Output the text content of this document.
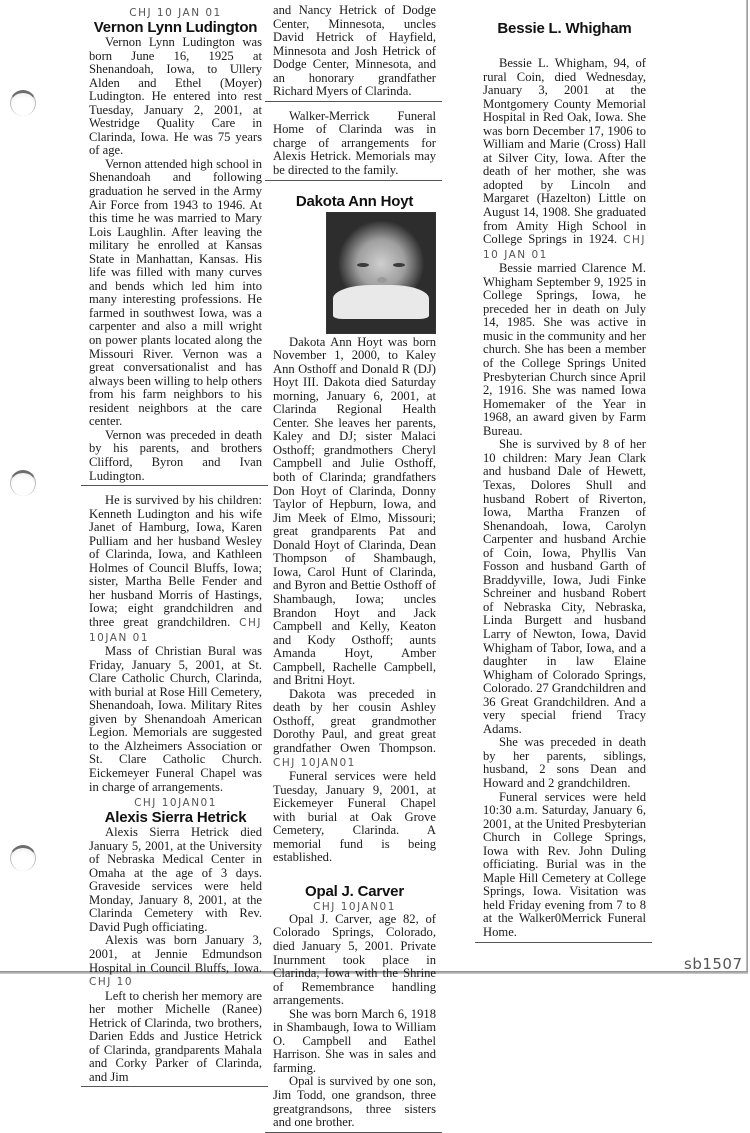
CHJ 10 JAN 01
Vernon Lynn Ludington

Vernon Lynn Ludington was born June 16, 1925 at Shenandoah, Iowa, to Ullery Alden and Ethel (Moyer) Ludington. He entered into rest Tuesday, January 2, 2001, at Westridge Quality Care in Clarinda, Iowa. He was 75 years of age.

Vernon attended high school in Shenandoah and following graduation he served in the Army Air Force from 1943 to 1946. At this time he was married to Mary Lois Laughlin. After leaving the military he enrolled at Kansas State in Manhattan, Kansas. His life was filled with many curves and bends which led him into many interesting professions. He farmed in southwest Iowa, was a carpenter and also a mill wright on power plants located along the Missouri River. Vernon was a great conversationalist and has always been willing to help others from his farm neighbors to his resident neighbors at the care center.

Vernon was preceded in death by his parents, and brothers Clifford, Byron and Ivan Ludington.

He is survived by his children: Kenneth Ludington and his wife Janet of Hamburg, Iowa, Karen Pulliam and her husband Wesley of Clarinda, Iowa, and Kathleen Holmes of Council Bluffs, Iowa; sister, Martha Belle Fender and her husband Morris of Hastings, Iowa; eight grandchildren and three great grandchildren. CHJ 10JAN 01

Mass of Christian Bural was Friday, January 5, 2001, at St. Clare Catholic Church, Clarinda, with burial at Rose Hill Cemetery, Shenandoah, Iowa. Military Rites given by Shenandoah American Legion. Memorials are suggested to the Alzheimers Association or St. Clare Catholic Church. Eickemeyer Funeral Chapel was in charge of arrangements.

CHJ 10JAN01
Alexis Sierra Hetrick

Alexis Sierra Hetrick died January 5, 2001, at the University of Nebraska Medical Center in Omaha at the age of 3 days. Graveside services were held Monday, January 8, 2001, at the Clarinda Cemetery with Rev. David Pugh officiating.

Alexis was born January 3, 2001, at Jennie Edmundson Hospital in Council Bluffs, Iowa. CHJ 10

Left to cherish her memory are her mother Michelle (Ranee) Hetrick of Clarinda, two brothers, Darien Edds and Justice Hetrick of Clarinda, grandparents Mahala and Corky Parker of Clarinda, and Jim

and Nancy Hetrick of Dodge Center, Minnesota, uncles David Hetrick of Hayfield, Minnesota and Josh Hetrick of Dodge Center, Minnesota, and an honorary grandfather Richard Myers of Clarinda.

Walker-Merrick Funeral Home of Clarinda was in charge of arrangements for Alexis Hetrick. Memorials may be directed to the family.

Dakota Ann Hoyt

Dakota Ann Hoyt was born November 1, 2000, to Kaley Ann Osthoff and Donald R (DJ) Hoyt III. Dakota died Saturday morning, January 6, 2001, at Clarinda Regional Health Center. She leaves her parents, Kaley and DJ; sister Malaci Osthoff; grandmothers Cheryl Campbell and Julie Osthoff, both of Clarinda; grandfathers Don Hoyt of Clarinda, Donny Taylor of Hepburn, Iowa, and Jim Meek of Elmo, Missouri; great grandparents Pat and Donald Hoyt of Clarinda, Dean Thompson of Shambaugh, Iowa, Carol Hunt of Clarinda, and Byron and Bettie Osthoff of Shambaugh, Iowa; uncles Brandon Hoyt and Jack Campbell and Kelly, Keaton and Kody Osthoff; aunts Amanda Hoyt, Amber Campbell, Rachelle Campbell, and Britni Hoyt.

Dakota was preceded in death by her cousin Ashley Osthoff, great grandmother Dorothy Paul, and great great grandfather Owen Thompson. CHJ 10JAN01

Funeral services were held Tuesday, January 9, 2001, at Eickemeyer Funeral Chapel with burial at Oak Grove Cemetery, Clarinda. A memorial fund is being established.

Opal J. Carver
CHJ 10JAN01

Opal J. Carver, age 82, of Colorado Springs, Colorado, died January 5, 2001. Private Inurnment took place in Clarinda, Iowa with the Shrine of Remembrance handling arrangements.

She was born March 6, 1918 in Shambaugh, Iowa to William O. Campbell and Eathel Harrison. She was in sales and farming.

Opal is survived by one son, Jim Todd, one grandson, three greatgrandsons, three sisters and one brother.

Bessie L. Whigham

Bessie L. Whigham, 94, of rural Coin, died Wednesday, January 3, 2001 at the Montgomery County Memorial Hospital in Red Oak, Iowa. She was born December 17, 1906 to William and Marie (Cross) Hall at Silver City, Iowa. After the death of her mother, she was adopted by Lincoln and Margaret (Hazelton) Little on August 14, 1908. She graduated from Amity High School in College Springs in 1924. CHJ 10 JAN 01

Bessie married Clarence M. Whigham September 9, 1925 in College Springs, Iowa, he preceded her in death on July 14, 1985. She was active in music in the community and her church. She has been a member of the College Springs United Presbyterian Church since April 2, 1916. She was named Iowa Homemaker of the Year in 1968, an award given by Farm Bureau.

She is survived by 8 of her 10 children: Mary Jean Clark and husband Dale of Hewett, Texas, Dolores Shull and husband Robert of Riverton, Iowa, Martha Franzen of Shenandoah, Iowa, Carolyn Carpenter and husband Archie of Coin, Iowa, Phyllis Van Fosson and husband Garth of Braddyville, Iowa, Judi Finke Schreiner and husband Robert of Nebraska City, Nebraska, Linda Burgett and husband Larry of Newton, Iowa, David Whigham of Tabor, Iowa, and a daughter in law Elaine Whigham of Colorado Springs, Colorado. 27 Grandchildren and 36 Great Grandchildren. And a very special friend Tracy Adams.

She was preceded in death by her parents, siblings, husband, 2 sons Dean and Howard and 2 grandchildren.

Funeral services were held 10:30 a.m. Saturday, January 6, 2001, at the United Presbyterian Church in College Springs, Iowa with Rev. John Duling officiating. Burial was in the Maple Hill Cemetery at College Springs, Iowa. Visitation was held Friday evening from 7 to 8 at the Walker0Merrick Funeral Home.

sb1507
